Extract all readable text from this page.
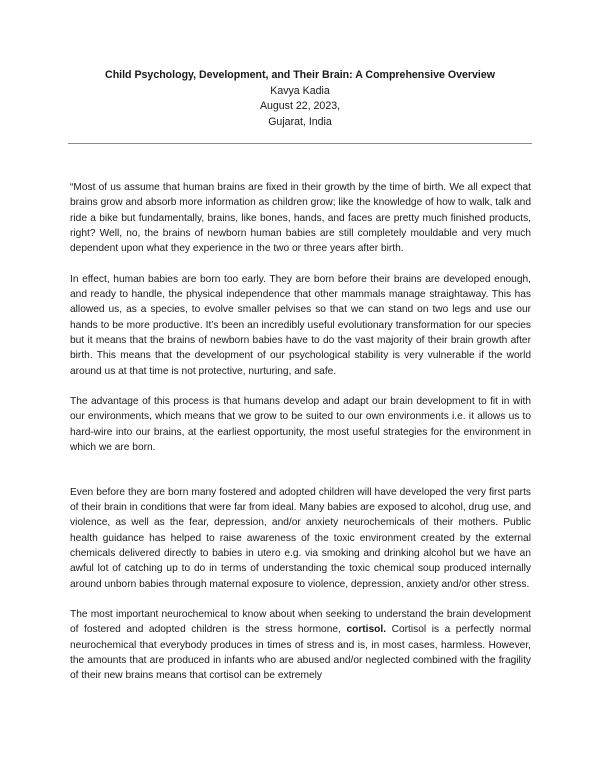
Child Psychology, Development, and Their Brain: A Comprehensive Overview
Kavya Kadia
August 22, 2023,
Gujarat, India

“Most of us assume that human brains are fixed in their growth by the time of birth. We all expect that brains grow and absorb more information as children grow; like the knowledge of how to walk, talk and ride a bike but fundamentally, brains, like bones, hands, and faces are pretty much finished products, right? Well, no, the brains of newborn human babies are still completely mouldable and very much dependent upon what they experience in the two or three years after birth.

In effect, human babies are born too early. They are born before their brains are developed enough, and ready to handle, the physical independence that other mammals manage straightaway. This has allowed us, as a species, to evolve smaller pelvises so that we can stand on two legs and use our hands to be more productive. It’s been an incredibly useful evolutionary transformation for our species but it means that the brains of newborn babies have to do the vast majority of their brain growth after birth. This means that the development of our psychological stability is very vulnerable if the world around us at that time is not protective, nurturing, and safe.

The advantage of this process is that humans develop and adapt our brain development to fit in with our environments, which means that we grow to be suited to our own environments i.e. it allows us to hard-wire into our brains, at the earliest opportunity, the most useful strategies for the environment in which we are born.

Even before they are born many fostered and adopted children will have developed the very first parts of their brain in conditions that were far from ideal. Many babies are exposed to alcohol, drug use, and violence, as well as the fear, depression, and/or anxiety neurochemicals of their mothers. Public health guidance has helped to raise awareness of the toxic environment created by the external chemicals delivered directly to babies in utero e.g. via smoking and drinking alcohol but we have an awful lot of catching up to do in terms of understanding the toxic chemical soup produced internally around unborn babies through maternal exposure to violence, depression, anxiety and/or other stress.

The most important neurochemical to know about when seeking to understand the brain development of fostered and adopted children is the stress hormone, cortisol. Cortisol is a perfectly normal neurochemical that everybody produces in times of stress and is, in most cases, harmless. However, the amounts that are produced in infants who are abused and/or neglected combined with the fragility of their new brains means that cortisol can be extremely
